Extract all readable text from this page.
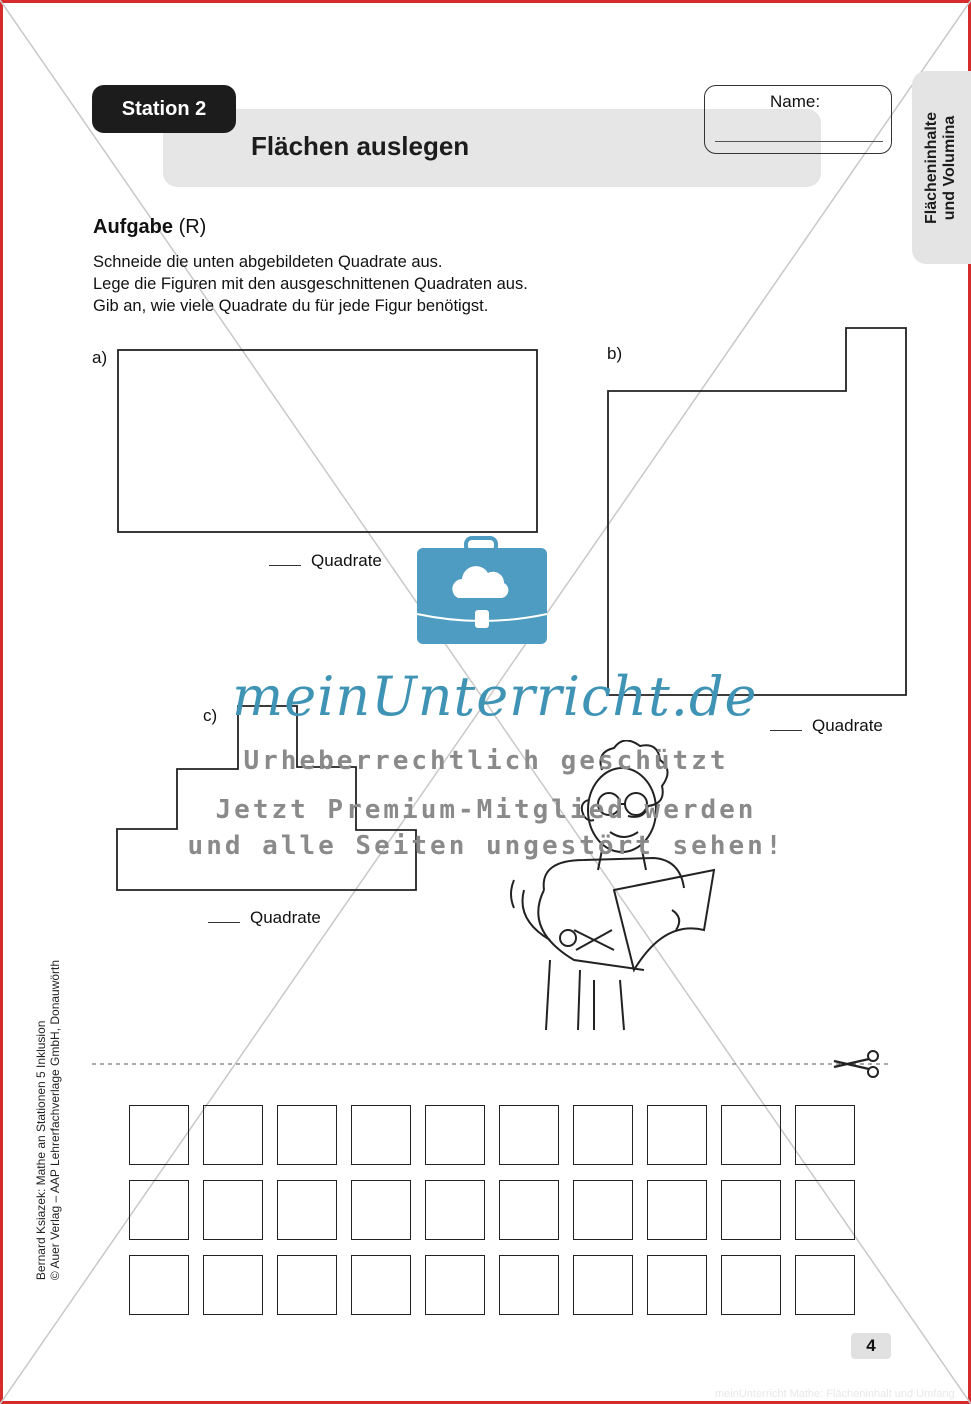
Station 2
Flächen auslegen
Name:
Flächeninhalte und Volumina
Aufgabe (R)
Schneide die unten abgebildeten Quadrate aus.
Lege die Figuren mit den ausgeschnittenen Quadraten aus.
Gib an, wie viele Quadrate du für jede Figur benötigst.
a)	b)
c)
Quadrate
Quadrate
Quadrate
meinUnterricht.de
Urheberrechtlich geschützt
Jetzt Premium-Mitglied werden
und alle Seiten ungestört sehen!
Bernard Ksiazek: Mathe an Stationen 5 Inklusion © Auer Verlag – AAP Lehrerfachverlage GmbH, Donauwörth
4
meinUnterricht Mathe: Flächeninhalt und Umfang
